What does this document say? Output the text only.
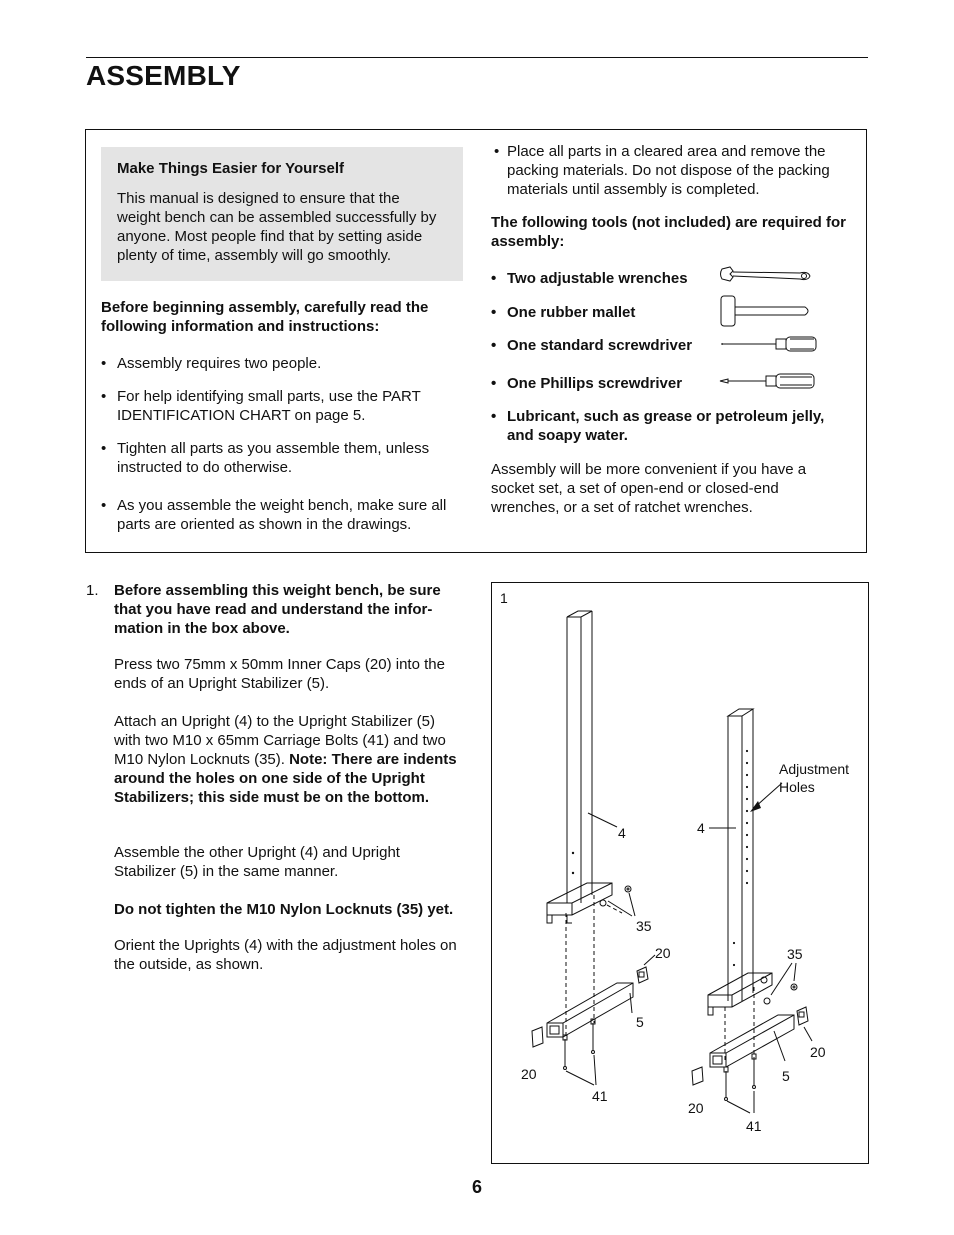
ASSEMBLY
Make Things Easier for Yourself

This manual is designed to ensure that the weight bench can be assembled successfully by anyone. Most people find that by setting aside plenty of time, assembly will go smoothly.

Before beginning assembly, carefully read the following information and instructions:
• Assembly requires two people.
• For help identifying small parts, use the PART IDENTIFICATION CHART on page 5.
• Tighten all parts as you assemble them, unless instructed to do otherwise.
• As you assemble the weight bench, make sure all parts are oriented as shown in the drawings.
• Place all parts in a cleared area and remove the packing materials. Do not dispose of the packing materials until assembly is completed.
The following tools (not included) are required for assembly:
• Two adjustable wrenches
• One rubber mallet
• One standard screwdriver
• One Phillips screwdriver
• Lubricant, such as grease or petroleum jelly, and soapy water.
Assembly will be more convenient if you have a socket set, a set of open-end or closed-end wrenches, or a set of ratchet wrenches.
1. Before assembling this weight bench, be sure that you have read and understand the infor-mation in the box above.
Press two 75mm x 50mm Inner Caps (20) into the ends of an Upright Stabilizer (5).
Attach an Upright (4) to the Upright Stabilizer (5) with two M10 x 65mm Carriage Bolts (41) and two M10 Nylon Locknuts (35). Note: There are indents around the holes on one side of the Upright Stabilizers; this side must be on the bottom.
Assemble the other Upright (4) and Upright Stabilizer (5) in the same manner.
Do not tighten the M10 Nylon Locknuts (35) yet.
Orient the Uprights (4) with the adjustment holes on the outside, as shown.
1
4
35
20
5
20
41
4
Adjustment
Holes
35
20
5
20
41
6
